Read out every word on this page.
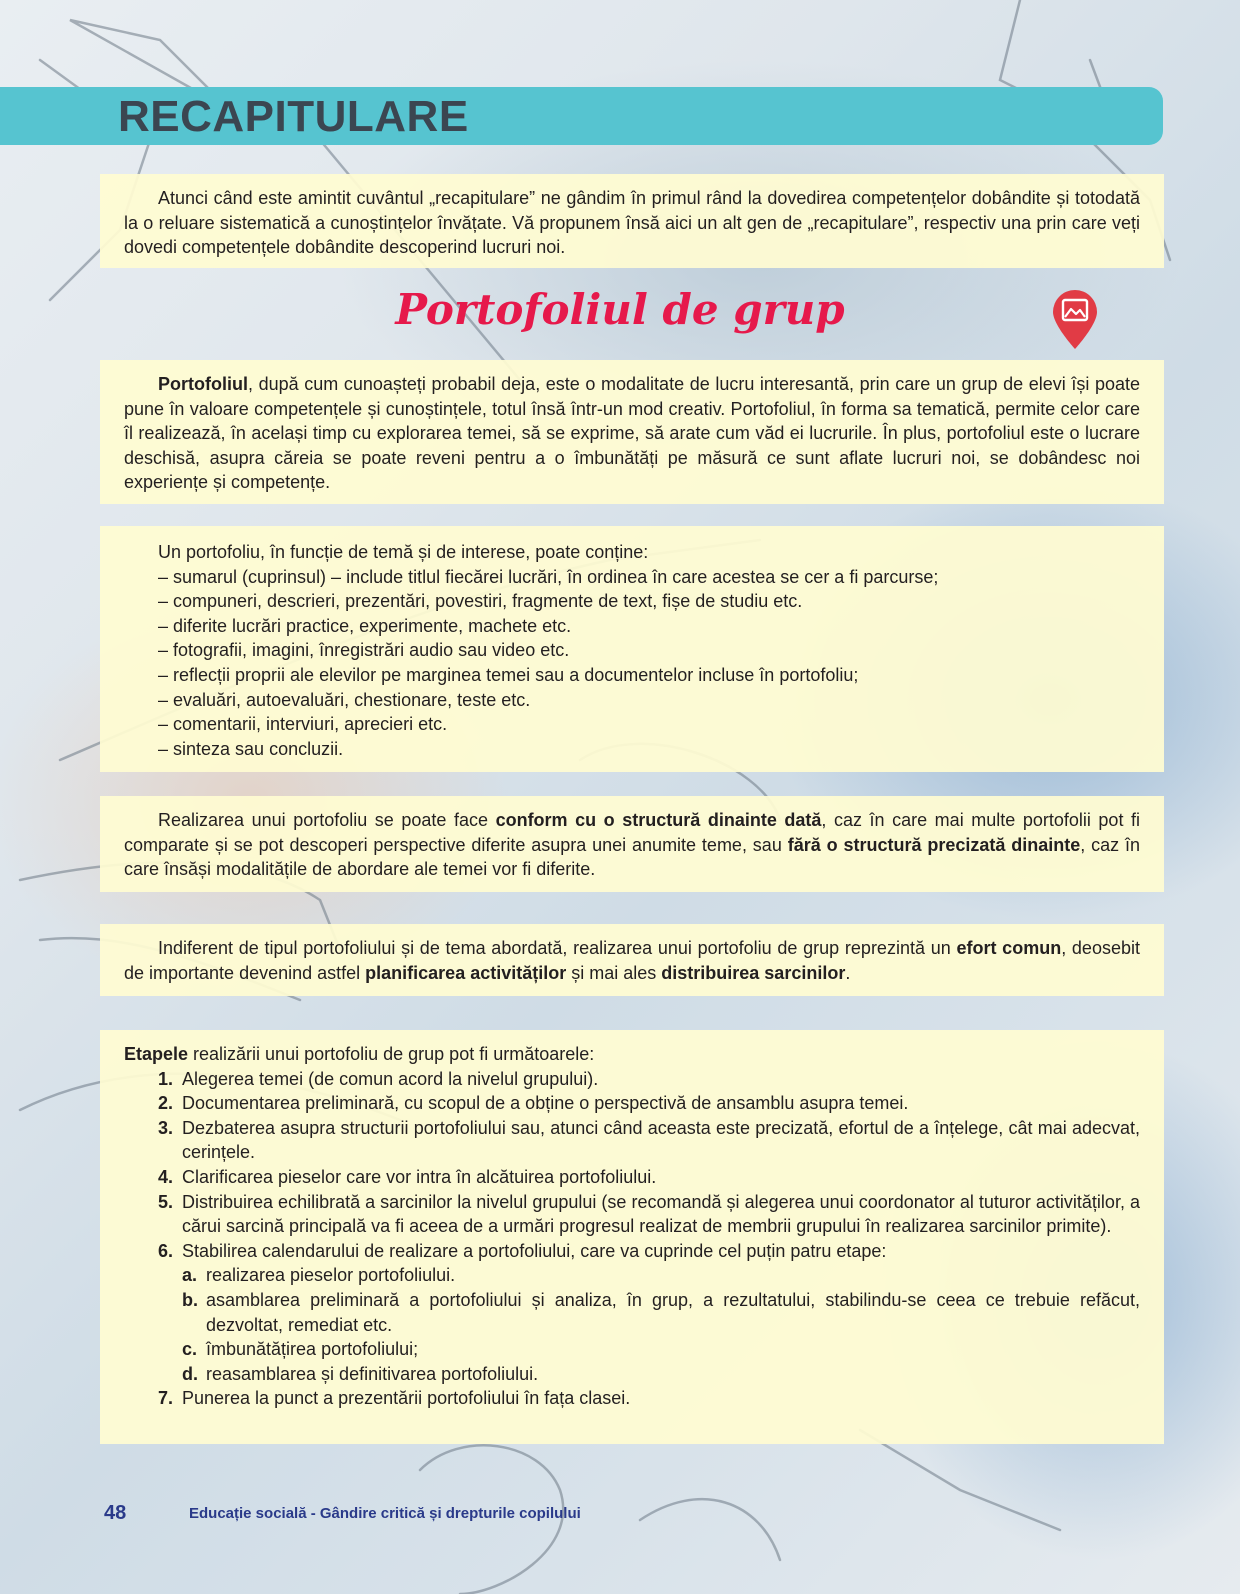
RECAPITULARE

Atunci când este amintit cuvântul „recapitulare” ne gândim în primul rând la dovedirea competențelor dobândite și totodată la o reluare sistematică a cunoștințelor învățate. Vă propunem însă aici un alt gen de „recapitulare”, respectiv una prin care veți dovedi competențele dobândite descoperind lucruri noi.

Portofoliul de grup

Portofoliul, după cum cunoașteți probabil deja, este o modalitate de lucru interesantă, prin care un grup de elevi își poate pune în valoare competențele și cunoștințele, totul însă într-un mod creativ. Portofoliul, în forma sa tematică, permite celor care îl realizează, în același timp cu explorarea temei, să se exprime, să arate cum văd ei lucrurile. În plus, portofoliul este o lucrare deschisă, asupra căreia se poate reveni pentru a o îmbunătăți pe măsură ce sunt aflate lucruri noi, se dobândesc noi experiențe și competențe.

Un portofoliu, în funcție de temă și de interese, poate conține:
– sumarul (cuprinsul) – include titlul fiecărei lucrări, în ordinea în care acestea se cer a fi parcurse;
– compuneri, descrieri, prezentări, povestiri, fragmente de text, fișe de studiu etc.
– diferite lucrări practice, experimente, machete etc.
– fotografii, imagini, înregistrări audio sau video etc.
– reflecții proprii ale elevilor pe marginea temei sau a documentelor incluse în portofoliu;
– evaluări, autoevaluări, chestionare, teste etc.
– comentarii, interviuri, aprecieri etc.
– sinteza sau concluzii.

Realizarea unui portofoliu se poate face conform cu o structură dinainte dată, caz în care mai multe portofolii pot fi comparate și se pot descoperi perspective diferite asupra unei anumite teme, sau fără o structură precizată dinainte, caz în care însăși modalitățile de abordare ale temei vor fi diferite.

Indiferent de tipul portofoliului și de tema abordată, realizarea unui portofoliu de grup reprezintă un efort comun, deosebit de importante devenind astfel planificarea activităților și mai ales distribuirea sarcinilor.

Etapele realizării unui portofoliu de grup pot fi următoarele:

1. Alegerea temei (de comun acord la nivelul grupului).
2. Documentarea preliminară, cu scopul de a obține o perspectivă de ansamblu asupra temei.
3. Dezbaterea asupra structurii portofoliului sau, atunci când aceasta este precizată, efortul de a înțelege, cât mai adecvat, cerințele.
4. Clarificarea pieselor care vor intra în alcătuirea portofoliului.
5. Distribuirea echilibrată a sarcinilor la nivelul grupului (se recomandă și alegerea unui coordonator al tuturor activităților, a cărui sarcină principală va fi aceea de a urmări progresul realizat de membrii grupului în realizarea sarcinilor primite).
6. Stabilirea calendarului de realizare a portofoliului, care va cuprinde cel puțin patru etape:
a. realizarea pieselor portofoliului.
b. asamblarea preliminară a portofoliului și analiza, în grup, a rezultatului, stabilindu-se ceea ce trebuie refăcut, dezvoltat, remediat etc.
c. îmbunătățirea portofoliului;
d. reasamblarea și definitivarea portofoliului.
7. Punerea la punct a prezentării portofoliului în fața clasei.
48	Educație socială - Gândire critică și drepturile copilului
